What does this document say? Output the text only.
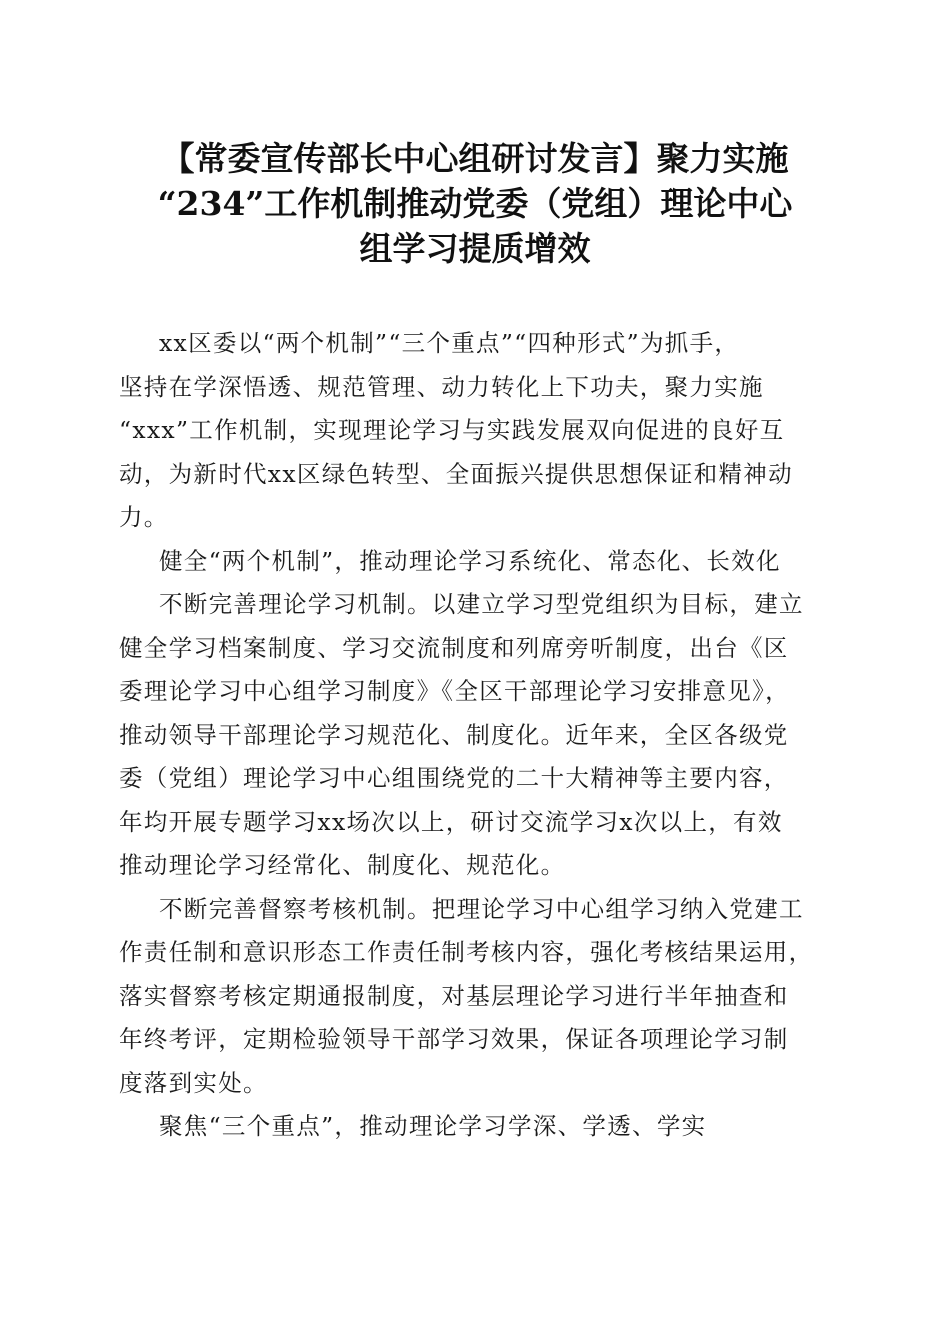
【常委宣传部长中心组研讨发言】聚力实施
“234”工作机制推动党委（党组）理论中心
组学习提质增效
xx区委以“两个机制”“三个重点”“四种形式”为抓手，
坚持在学深悟透、规范管理、动力转化上下功夫，聚力实施
“xxx”工作机制，实现理论学习与实践发展双向促进的良好互
动，为新时代xx区绿色转型、全面振兴提供思想保证和精神动
力。
健全“两个机制”，推动理论学习系统化、常态化、长效化
不断完善理论学习机制。以建立学习型党组织为目标，建立
健全学习档案制度、学习交流制度和列席旁听制度，出台《区
委理论学习中心组学习制度》《全区干部理论学习安排意见》，
推动领导干部理论学习规范化、制度化。近年来，全区各级党
委（党组）理论学习中心组围绕党的二十大精神等主要内容，
年均开展专题学习xx场次以上，研讨交流学习x次以上，有效
推动理论学习经常化、制度化、规范化。
不断完善督察考核机制。把理论学习中心组学习纳入党建工
作责任制和意识形态工作责任制考核内容，强化考核结果运用，
落实督察考核定期通报制度，对基层理论学习进行半年抽查和
年终考评，定期检验领导干部学习效果，保证各项理论学习制
度落到实处。
聚焦“三个重点”，推动理论学习学深、学透、学实
